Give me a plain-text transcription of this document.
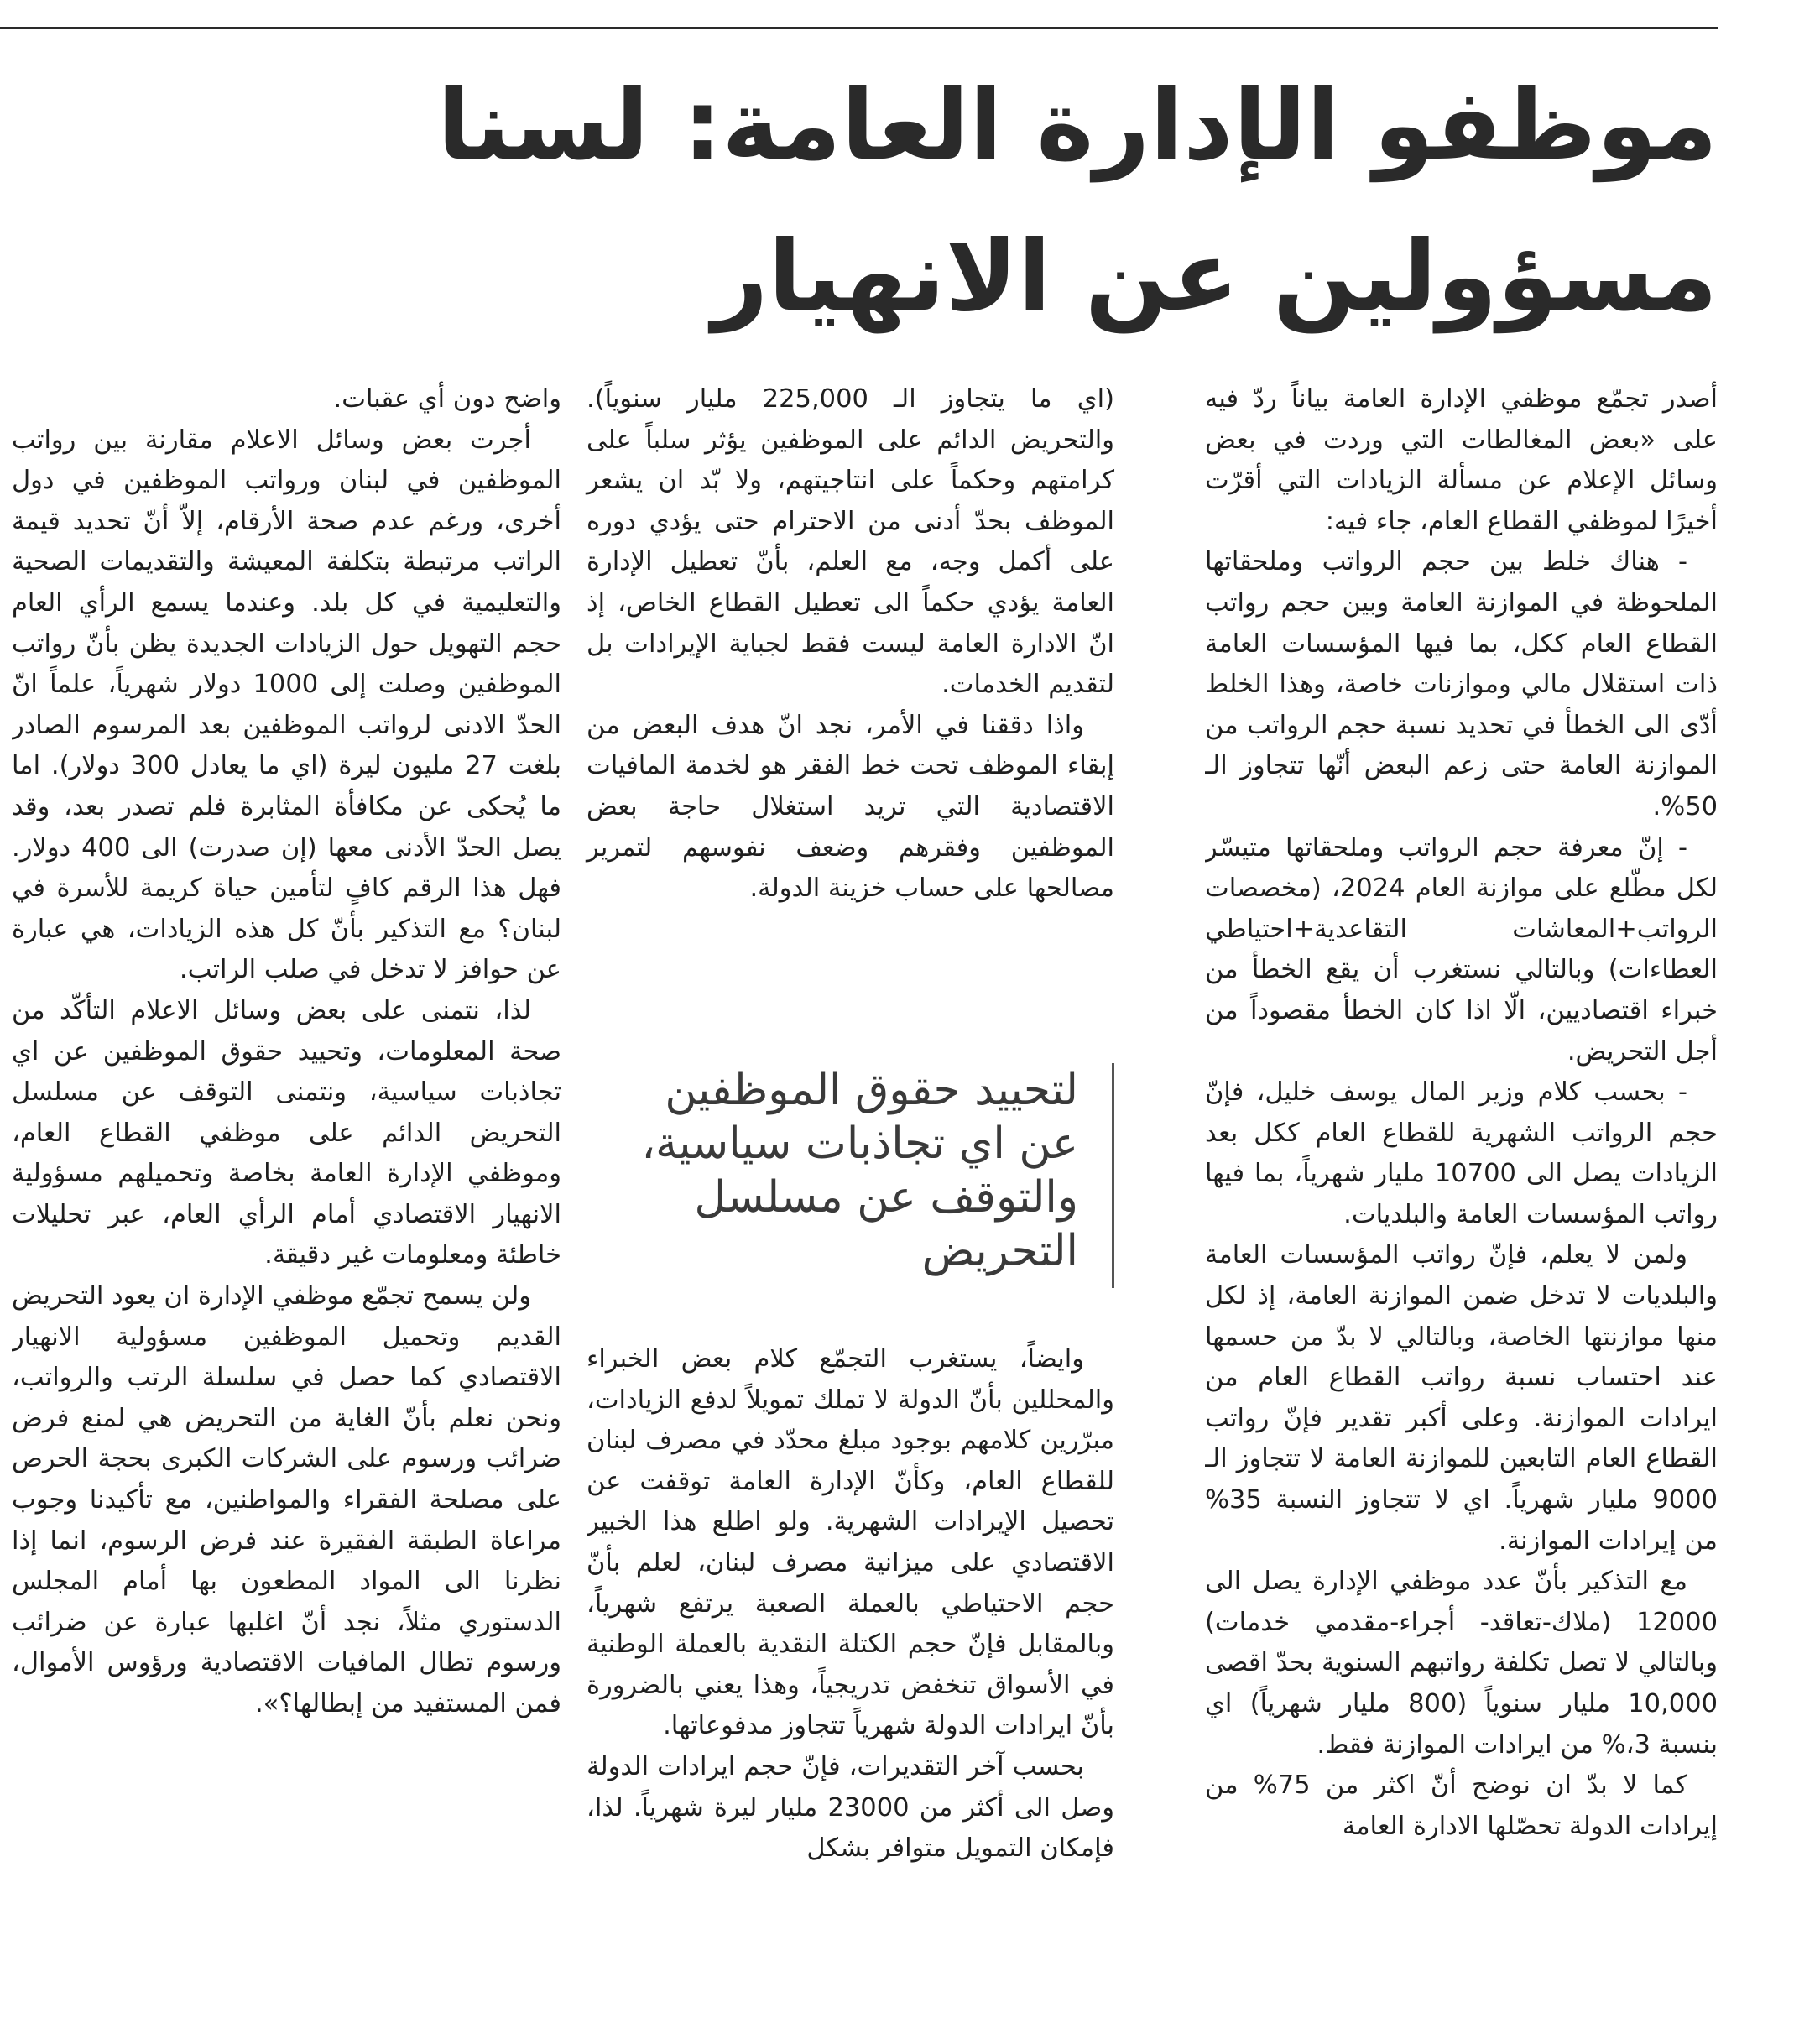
موظفو الإدارة العامة: لسنا مسؤولين عن الانهيار

أصدر تجمّع موظفي الإدارة العامة بياناً ردّ فيه على «بعض المغالطات التي وردت في بعض وسائل الإعلام عن مسألة الزيادات التي أقرّت أخيرًا لموظفي القطاع العام، جاء فيه:

- هناك خلط بين حجم الرواتب وملحقاتها الملحوظة في الموازنة العامة وبين حجم رواتب القطاع العام ككل، بما فيها المؤسسات العامة ذات استقلال مالي وموازنات خاصة، وهذا الخلط أدّى الى الخطأ في تحديد نسبة حجم الرواتب من الموازنة العامة حتى زعم البعض أنّها تتجاوز الـ 50%.

- إنّ معرفة حجم الرواتب وملحقاتها متيسّر لكل مطّلع على موازنة العام 2024، (مخصصات الرواتب+المعاشات التقاعدية+احتياطي العطاءات) وبالتالي نستغرب أن يقع الخطأ من خبراء اقتصاديين، الّا اذا كان الخطأ مقصوداً من أجل التحريض.

- بحسب كلام وزير المال يوسف خليل، فإنّ حجم الرواتب الشهرية للقطاع العام ككل بعد الزيادات يصل الى 10700 مليار شهرياً، بما فيها رواتب المؤسسات العامة والبلديات.

ولمن لا يعلم، فإنّ رواتب المؤسسات العامة والبلديات لا تدخل ضمن الموازنة العامة، إذ لكل منها موازنتها الخاصة، وبالتالي لا بدّ من حسمها عند احتساب نسبة رواتب القطاع العام من ايرادات الموازنة. وعلى أكبر تقدير فإنّ رواتب القطاع العام التابعين للموازنة العامة لا تتجاوز الـ 9000 مليار شهرياً. اي لا تتجاوز النسبة 35% من إيرادات الموازنة.

مع التذكير بأنّ عدد موظفي الإدارة يصل الى 12000 (ملاك-تعاقد- أجراء-مقدمي خدمات) وبالتالي لا تصل تكلفة رواتبهم السنوية بحدّ اقصى 10,000 مليار سنوياً (800 مليار شهرياً) اي بنسبة 3،% من ايرادات الموازنة فقط.

كما لا بدّ ان نوضح أنّ اكثر من 75% من إيرادات الدولة تحصّلها الادارة العامة

(اي ما يتجاوز الـ 225,000 مليار سنوياً). والتحريض الدائم على الموظفين يؤثر سلباً على كرامتهم وحكماً على انتاجيتهم، ولا بّد ان يشعر الموظف بحدّ أدنى من الاحترام حتى يؤدي دوره على أكمل وجه، مع العلم، بأنّ تعطيل الإدارة العامة يؤدي حكماً الى تعطيل القطاع الخاص، إذ انّ الادارة العامة ليست فقط لجباية الإيرادات بل لتقديم الخدمات.

واذا دققنا في الأمر، نجد انّ هدف البعض من إبقاء الموظف تحت خط الفقر هو لخدمة المافيات الاقتصادية التي تريد استغلال حاجة بعض الموظفين وفقرهم وضعف نفوسهم لتمرير مصالحها على حساب خزينة الدولة.

لتحييد حقوق الموظفين عن اي تجاذبات سياسية، والتوقف عن مسلسل التحريض

وايضاً، يستغرب التجمّع كلام بعض الخبراء والمحللين بأنّ الدولة لا تملك تمويلاً لدفع الزيادات، مبرّرين كلامهم بوجود مبلغ محدّد في مصرف لبنان للقطاع العام، وكأنّ الإدارة العامة توقفت عن تحصيل الإيرادات الشهرية. ولو اطلع هذا الخبير الاقتصادي على ميزانية مصرف لبنان، لعلم بأنّ حجم الاحتياطي بالعملة الصعبة يرتفع شهرياً، وبالمقابل فإنّ حجم الكتلة النقدية بالعملة الوطنية في الأسواق تنخفض تدريجياً، وهذا يعني بالضرورة بأنّ ايرادات الدولة شهرياً تتجاوز مدفوعاتها.

بحسب آخر التقديرات، فإنّ حجم ايرادات الدولة وصل الى أكثر من 23000 مليار ليرة شهرياً. لذا، فإمكان التمويل متوافر بشكل

واضح دون أي عقبات.

أجرت بعض وسائل الاعلام مقارنة بين رواتب الموظفين في لبنان ورواتب الموظفين في دول أخرى، ورغم عدم صحة الأرقام، إلاّ أنّ تحديد قيمة الراتب مرتبطة بتكلفة المعيشة والتقديمات الصحية والتعليمية في كل بلد. وعندما يسمع الرأي العام حجم التهويل حول الزيادات الجديدة يظن بأنّ رواتب الموظفين وصلت إلى 1000 دولار شهرياً، علماً انّ الحدّ الادنى لرواتب الموظفين بعد المرسوم الصادر بلغت 27 مليون ليرة (اي ما يعادل 300 دولار). اما ما يُحكى عن مكافأة المثابرة فلم تصدر بعد، وقد يصل الحدّ الأدنى معها (إن صدرت) الى 400 دولار. فهل هذا الرقم كافٍ لتأمين حياة كريمة للأسرة في لبنان؟ مع التذكير بأنّ كل هذه الزيادات، هي عبارة عن حوافز لا تدخل في صلب الراتب.

لذا، نتمنى على بعض وسائل الاعلام التأكّد من صحة المعلومات، وتحييد حقوق الموظفين عن اي تجاذبات سياسية، ونتمنى التوقف عن مسلسل التحريض الدائم على موظفي القطاع العام، وموظفي الإدارة العامة بخاصة وتحميلهم مسؤولية الانهيار الاقتصادي أمام الرأي العام، عبر تحليلات خاطئة ومعلومات غير دقيقة.

ولن يسمح تجمّع موظفي الإدارة ان يعود التحريض القديم وتحميل الموظفين مسؤولية الانهيار الاقتصادي كما حصل في سلسلة الرتب والرواتب، ونحن نعلم بأنّ الغاية من التحريض هي لمنع فرض ضرائب ورسوم على الشركات الكبرى بحجة الحرص على مصلحة الفقراء والمواطنين، مع تأكيدنا وجوب مراعاة الطبقة الفقيرة عند فرض الرسوم، انما إذا نظرنا الى المواد المطعون بها أمام المجلس الدستوري مثلاً، نجد أنّ اغلبها عبارة عن ضرائب ورسوم تطال المافيات الاقتصادية ورؤوس الأموال، فمن المستفيد من إبطالها؟».
